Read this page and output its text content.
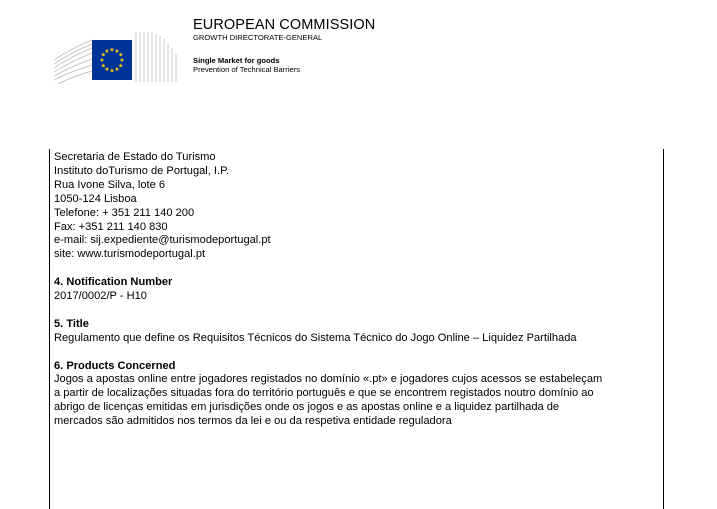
★ ★
★
★
★
★
★
★
★
★
★
★
EUROPEAN COMMISSION
GROWTH DIRECTORATE-GENERAL
Single Market for goods
Prevention of Technical Barriers
Secretaria de Estado do Turismo
Instituto doTurismo de Portugal, I.P.
Rua Ivone Silva, lote 6
1050-124 Lisboa
Telefone: + 351 211 140 200
Fax: +351 211 140 830
e-mail: sij.expediente@turismodeportugal.pt
site: www.turismodeportugal.pt
4. Notification Number
2017/0002/P - H10
5. Title
Regulamento que define os Requisitos Técnicos do Sistema Técnico do Jogo Online – Liquidez Partilhada
6. Products Concerned
Jogos a apostas online entre jogadores registados no domínio «.pt» e jogadores cujos acessos se estabeleçam
a partir de localizações situadas fora do território português e que se encontrem registados noutro domínio ao
abrigo de licenças emitidas em jurisdições onde os jogos e as apostas online e a liquidez partilhada de
mercados são admitidos nos termos da lei e ou da respetiva entidade reguladora
